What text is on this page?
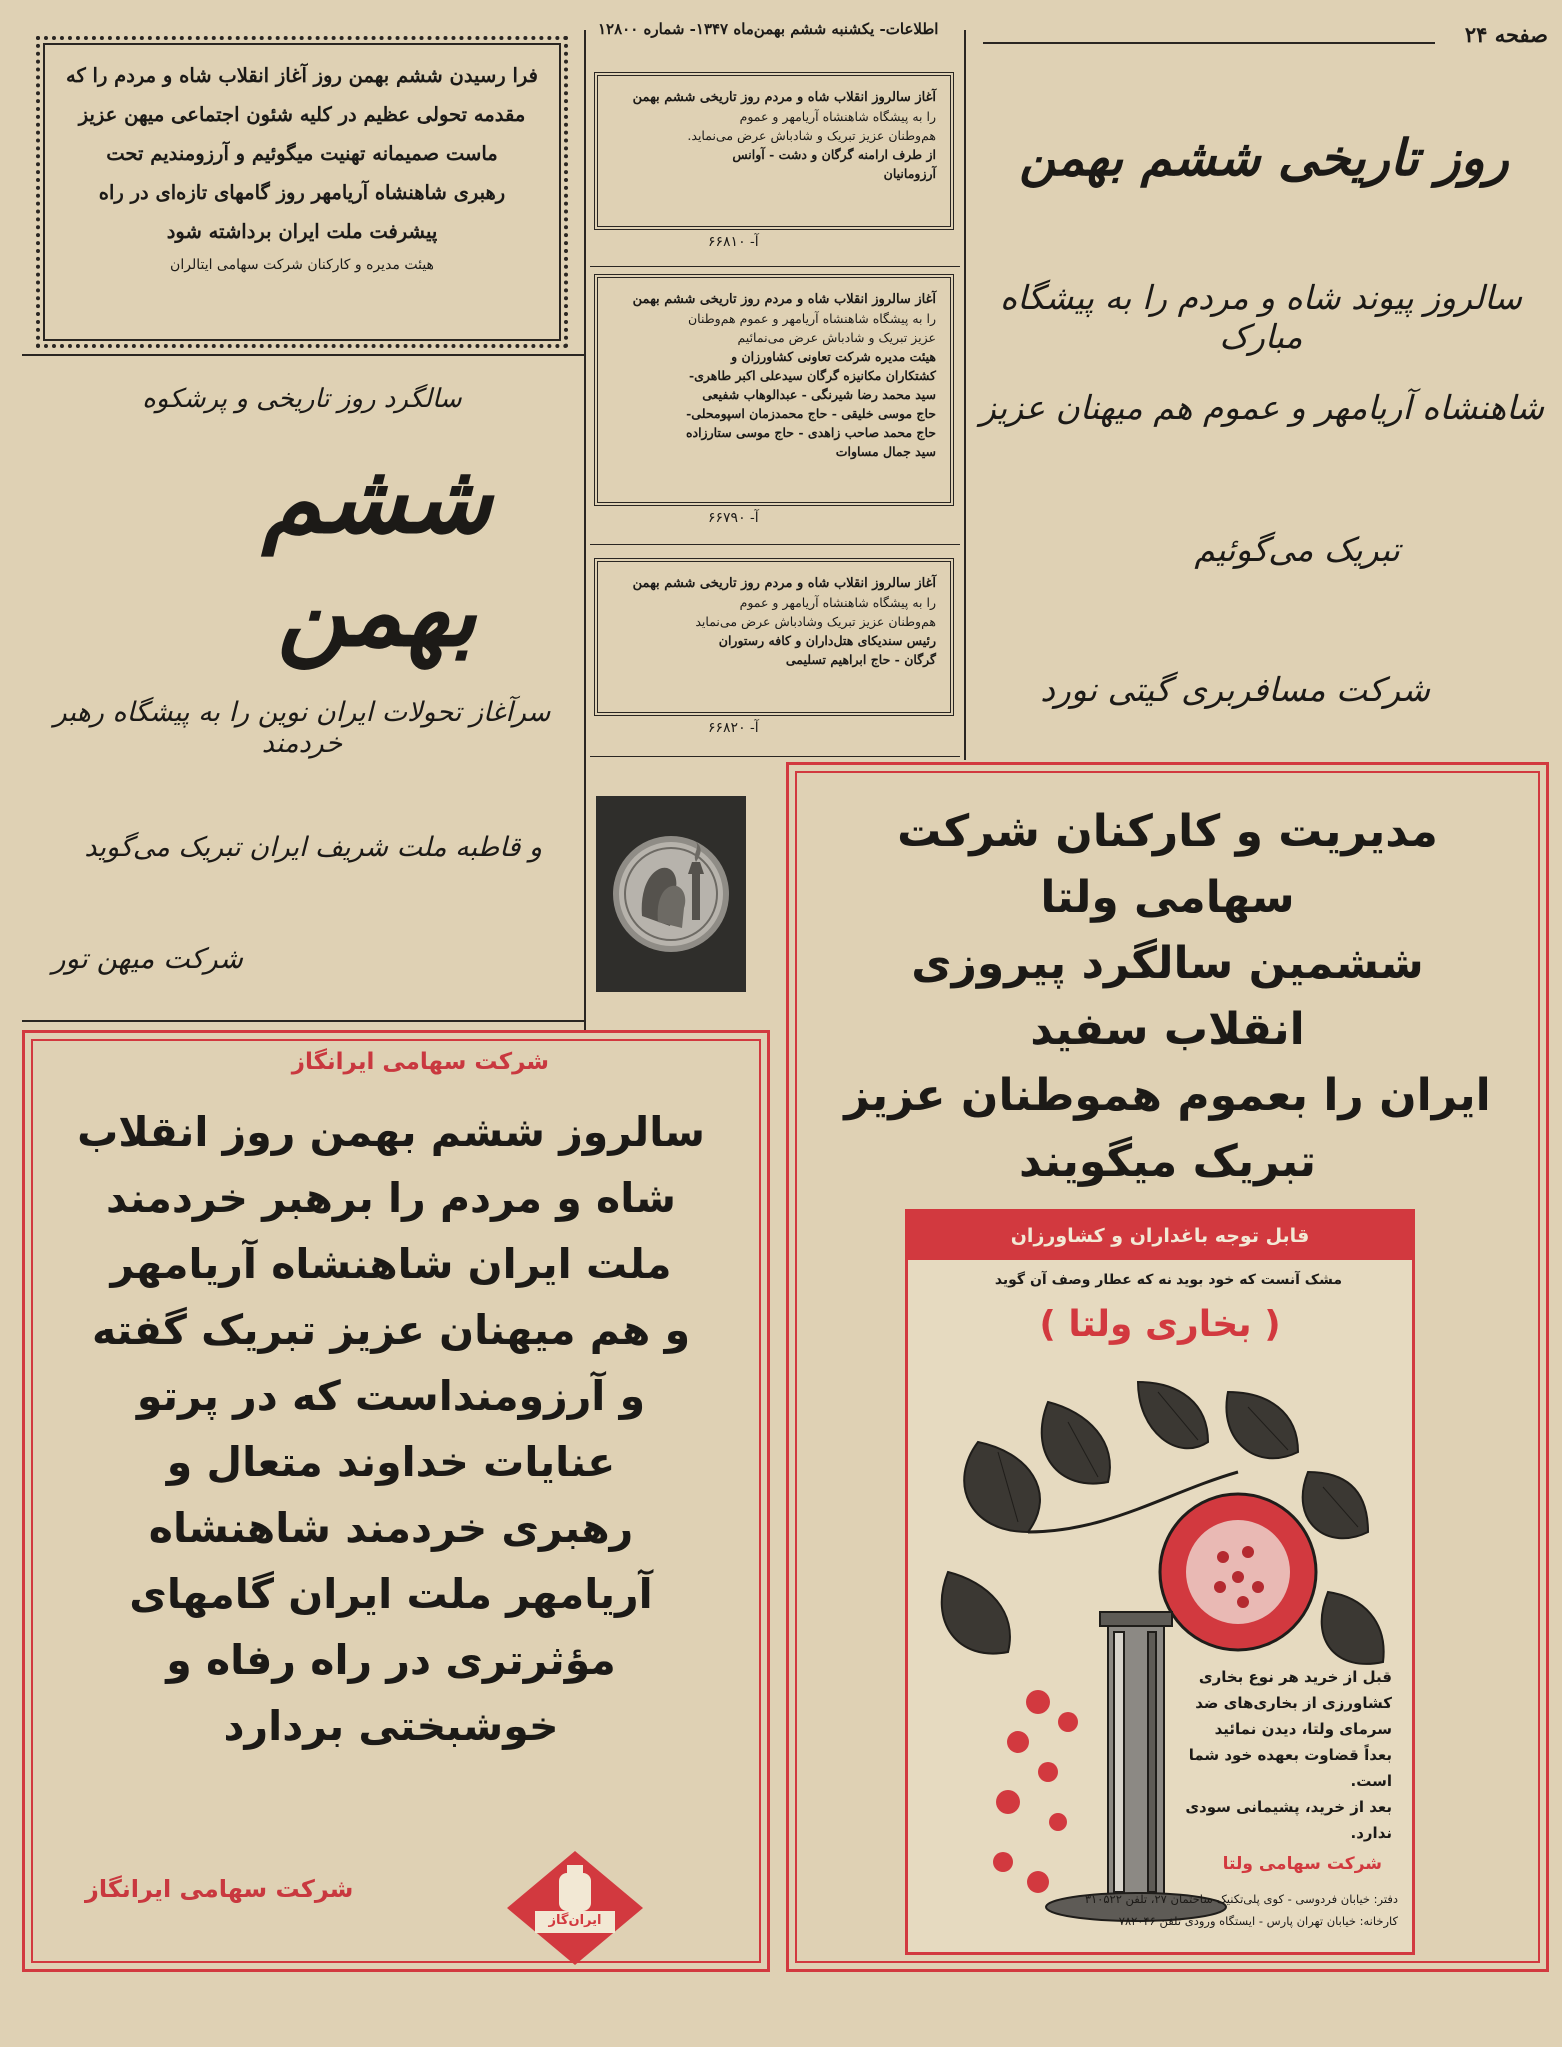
صفحه ۲۴
اطلاعات- یکشنبه ششم بهمن‌ماه ۱۳۴۷- شماره ۱۲۸۰۰
فرا رسیدن ششم بهمن روز آغاز انقلاب شاه و مردم را که
مقدمه تحولی عظیم در کلیه شئون اجتماعی میهن عزیز
ماست صمیمانه تهنیت میگوئیم و آرزومندیم تحت
رهبری شاهنشاه آریامهر روز گامهای تازه‌ای در راه
پیشرفت ملت ایران برداشته شود
هیئت مدیره و کارکنان شرکت سهامی ایتالران
سالگرد روز تاریخی و پرشکوه
ششم بهمن
سرآغاز تحولات ایران نوین را به پیشگاه رهبر خردمند
و قاطبه ملت شریف ایران تبریک می‌گوید
شرکت میهن تور
آغاز سالروز انقلاب شاه و مردم روز تاریخی ششم بهمن
را به پیشگاه شاهنشاه آریامهر و عموم
هم‌وطنان عزیز تبریک و شادباش عرض می‌نماید.
از طرف ارامنه گرگان و دشت - آوانس
آرزومانیان
آ- ۶۶۸۱۰
آغاز سالروز انقلاب شاه و مردم روز تاریخی ششم بهمن
را به پیشگاه شاهنشاه آریامهر و عموم هم‌وطنان
عزیز تبریک و شادباش عرض می‌نمائیم
هیئت مدیره شرکت تعاونی کشاورزان و
کشتکاران مکانیزه گرگان سیدعلی اکبر طاهری-
سید محمد رضا شیرنگی - عبدالوهاب شفیعی
حاج موسی خلیقی - حاج محمدزمان اسپومحلی-
حاج محمد صاحب زاهدی - حاج موسی ستارزاده
سید جمال مساوات
آ- ۶۶۷۹۰
آغاز سالروز انقلاب شاه و مردم روز تاریخی ششم بهمن
را به پیشگاه شاهنشاه آریامهر و عموم
هم‌وطنان عزیز تبریک وشادباش عرض می‌نماید
رئیس سندیکای هتل‌داران و کافه رستوران
گرگان - حاج ابراهیم تسلیمی
آ- ۶۶۸۲۰
روز تاریخی ششم بهمن
سالروز پیوند شاه و مردم را به پیشگاه مبارک
شاهنشاه آریامهر و عموم هم میهنان عزیز
تبریک می‌گوئیم
شرکت مسافربری گیتی نورد
مدیریت و کارکنان شرکت
سهامی ولتا
ششمین سالگرد پیروزی
انقلاب سفید
ایران را بعموم هموطنان عزیز
تبریک میگویند
قابل توجه باغداران و کشاورزان
مشک آنست که خود بوید
نه که عطار وصف آن گوید
( بخاری ولتا )
قبل از خرید هر نوع بخاری
کشاورزی از بخاری‌های ضد
سرمای ولتا، دیدن نمائید
بعداً قضاوت بعهده خود شما
است.
بعد از خرید، پشیمانی سودی
ندارد.
شرکت سهامی ولتا
دفتر: خیابان فردوسی - کوی پلی‌تکنیک ساختمان ۲۷، تلفن ۳۱۰۵۲۲
کارخانه: خیابان تهران پارس - ایستگاه ورودی تلفن ۷۸۲۰۴۶
شرکت سهامی ایرانگاز
سالروز ششم بهمن روز انقلاب
شاه و مردم را برهبر خردمند
ملت ایران شاهنشاه آریامهر
و هم میهنان عزیز تبریک گفته
و آرزومنداست که در پرتو
عنایات خداوند متعال و
رهبری خردمند شاهنشاه
آریامهر ملت ایران گامهای
مؤثرتری در راه رفاه و
خوشبختی بردارد
شرکت سهامی ایرانگاز
ایران‌گاز
